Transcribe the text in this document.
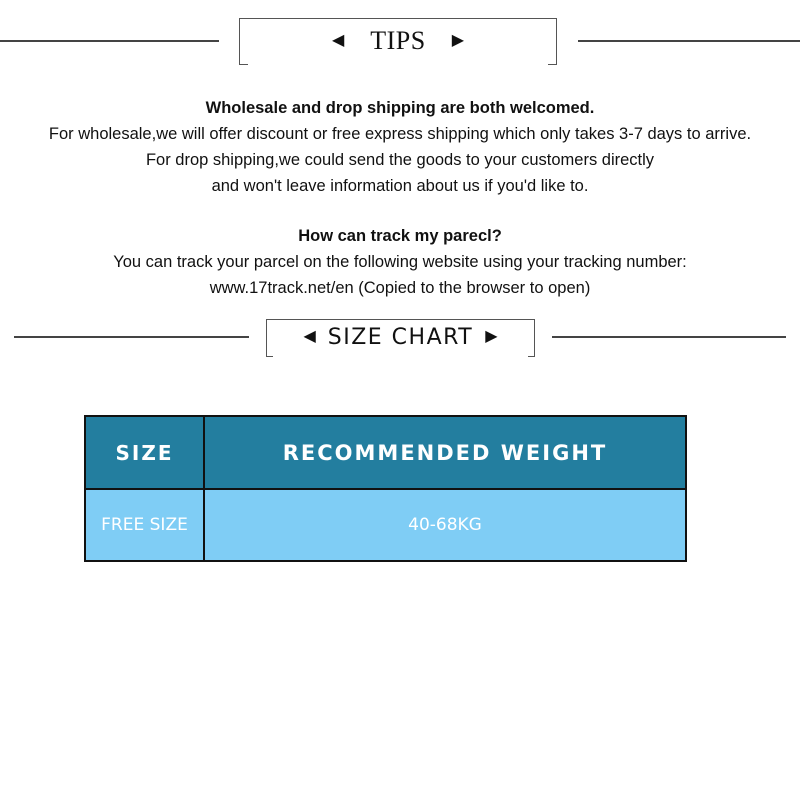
◀ TIPS ▶
Wholesale and drop shipping are both welcomed.
For wholesale,we will offer discount or free express shipping which only takes 3-7 days to arrive.
For drop shipping,we could send the goods to your customers directly
and won't leave information about us if you'd like to.
How can track my parecl?
You can track your parcel on the following website using your tracking number:
www.17track.net/en (Copied to the browser to open)
◀ SIZE CHART ▶
SIZE	RECOMMENDED WEIGHT
FREE SIZE	40-68KG
